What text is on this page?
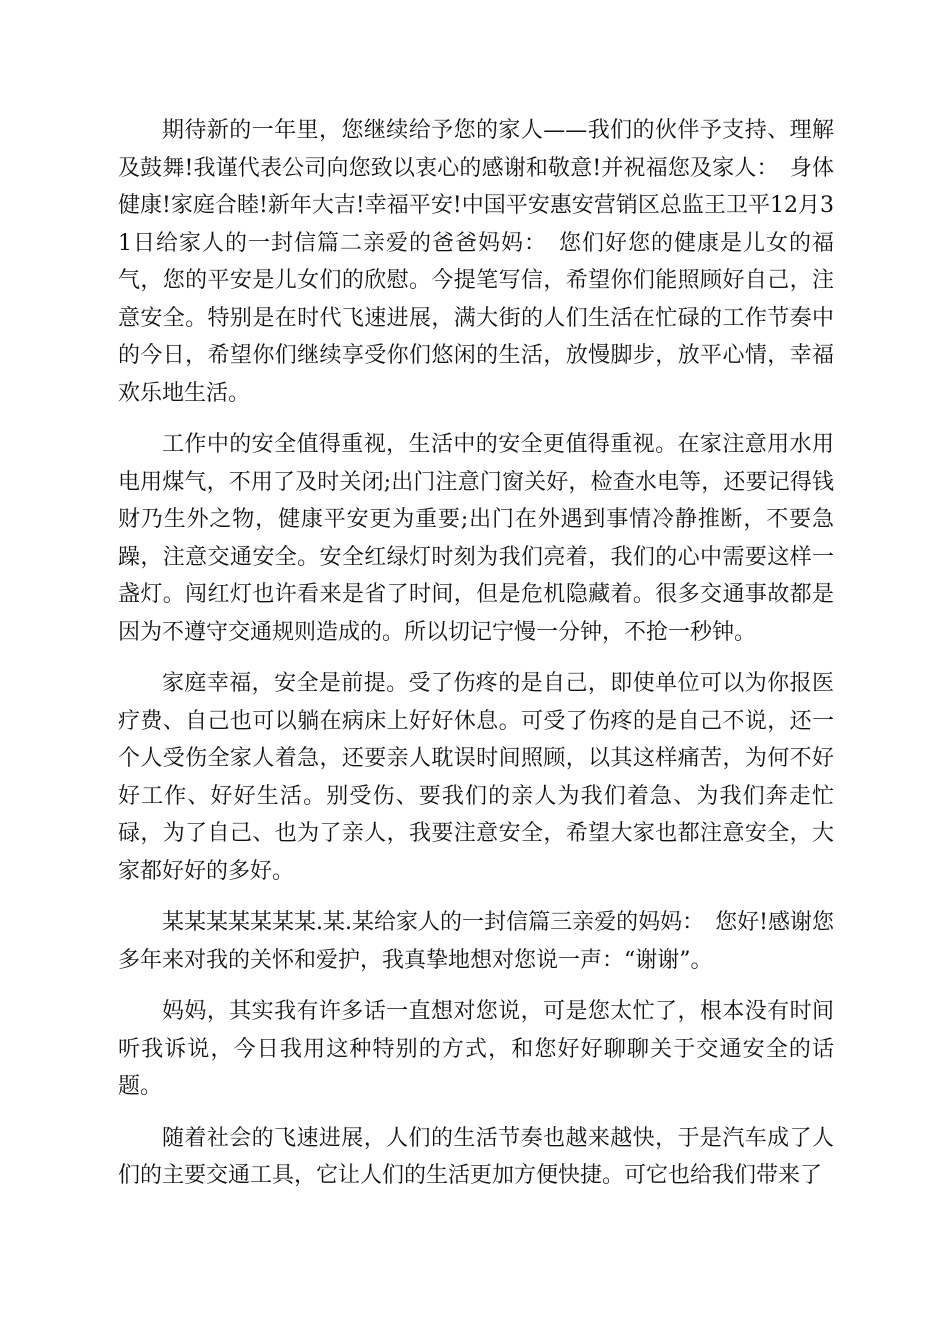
期待新的一年里，您继续给予您的家人——我们的伙伴予支持、理解及鼓舞!我谨代表公司向您致以衷心的感谢和敬意!并祝福您及家人：　身体健康!家庭合睦!新年大吉!幸福平安!中国平安惠安营销区总监王卫平12月31日给家人的一封信篇二亲爱的爸爸妈妈：　您们好您的健康是儿女的福气，您的平安是儿女们的欣慰。今提笔写信，希望你们能照顾好自己，注意安全。特别是在时代飞速进展，满大街的人们生活在忙碌的工作节奏中的今日，希望你们继续享受你们悠闲的生活，放慢脚步，放平心情，幸福欢乐地生活。

工作中的安全值得重视，生活中的安全更值得重视。在家注意用水用电用煤气，不用了及时关闭;出门注意门窗关好，检查水电等，还要记得钱财乃生外之物，健康平安更为重要;出门在外遇到事情冷静推断，不要急躁，注意交通安全。安全红绿灯时刻为我们亮着，我们的心中需要这样一盏灯。闯红灯也许看来是省了时间，但是危机隐藏着。很多交通事故都是因为不遵守交通规则造成的。所以切记宁慢一分钟，不抢一秒钟。

家庭幸福，安全是前提。受了伤疼的是自己，即使单位可以为你报医疗费、自己也可以躺在病床上好好休息。可受了伤疼的是自己不说，还一个人受伤全家人着急，还要亲人耽误时间照顾，以其这样痛苦，为何不好好工作、好好生活。别受伤、要我们的亲人为我们着急、为我们奔走忙碌，为了自己、也为了亲人，我要注意安全，希望大家也都注意安全，大家都好好的多好。

某某某某某某某.某.某给家人的一封信篇三亲爱的妈妈：　您好!感谢您多年来对我的关怀和爱护，我真挚地想对您说一声：“谢谢”。

妈妈，其实我有许多话一直想对您说，可是您太忙了，根本没有时间听我诉说，今日我用这种特别的方式，和您好好聊聊关于交通安全的话题。

随着社会的飞速进展，人们的生活节奏也越来越快，于是汽车成了人们的主要交通工具，它让人们的生活更加方便快捷。可它也给我们带来了
